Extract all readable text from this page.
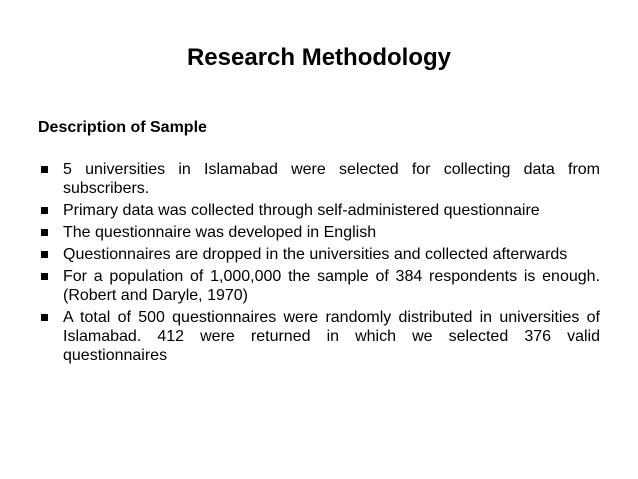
Research Methodology
Description of Sample
5 universities in Islamabad were selected for collecting data from subscribers.
Primary data was collected through self-administered questionnaire
The questionnaire was developed in English
Questionnaires are dropped in the universities and collected afterwards
For a population of 1,000,000 the sample of 384 respondents is enough. (Robert and Daryle, 1970)
A total of 500 questionnaires were randomly distributed in universities of Islamabad. 412 were returned in which we selected 376 valid questionnaires
